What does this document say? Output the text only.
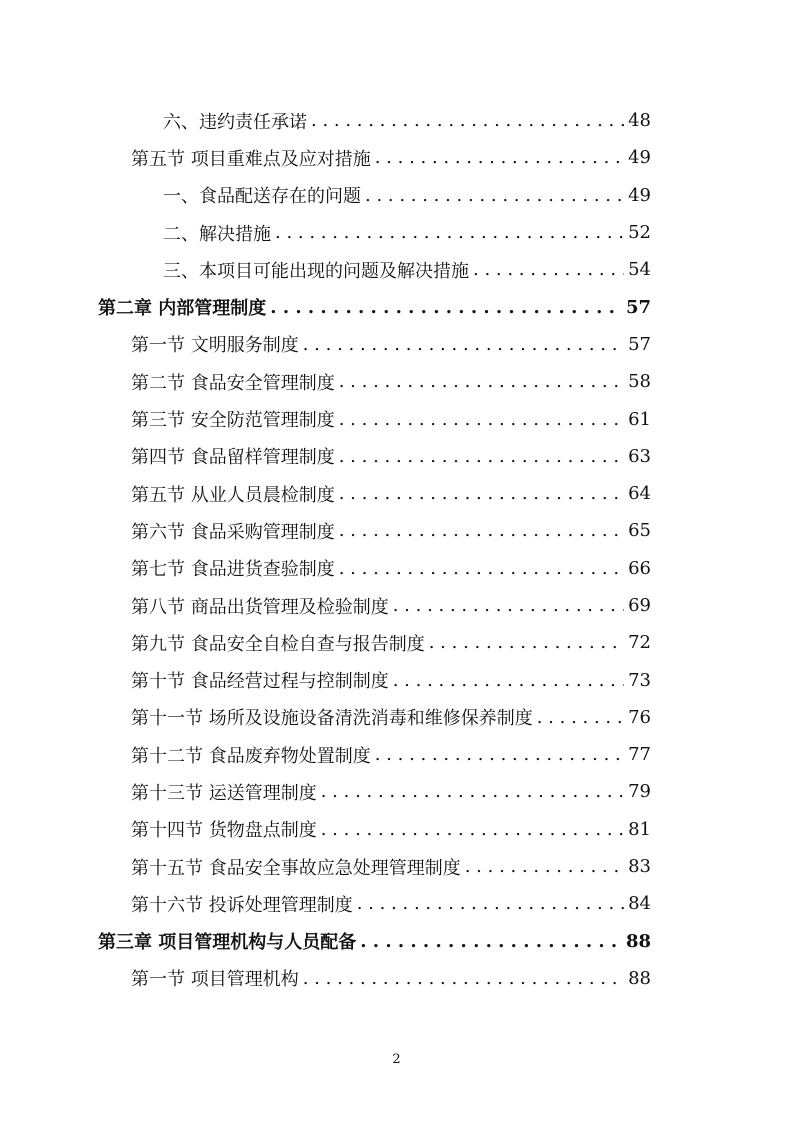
六、违约责任承诺 . . .	48
第五节 项目重难点及应对措施 . . .	49
一、食品配送存在的问题 . . .	49
二、解决措施 . . .	52
三、本项目可能出现的问题及解决措施 . . .	54
第二章 内部管理制度 . . .	57
第一节 文明服务制度 . . .	57
第二节 食品安全管理制度 . . .	58
第三节 安全防范管理制度 . . .	61
第四节 食品留样管理制度 . . .	63
第五节 从业人员晨检制度 . . .	64
第六节 食品采购管理制度 . . .	65
第七节 食品进货查验制度 . . .	66
第八节 商品出货管理及检验制度 . . .	69
第九节 食品安全自检自查与报告制度 . . .	72
第十节 食品经营过程与控制制度 . . .	73
第十一节 场所及设施设备清洗消毒和维修保养制度 . . .	76
第十二节 食品废弃物处置制度 . . .	77
第十三节 运送管理制度 . . .	79
第十四节 货物盘点制度 . . .	81
第十五节 食品安全事故应急处理管理制度 . . .	83
第十六节 投诉处理管理制度 . . .	84
第三章 项目管理机构与人员配备 . . .	88
第一节 项目管理机构 . . .	88
2
